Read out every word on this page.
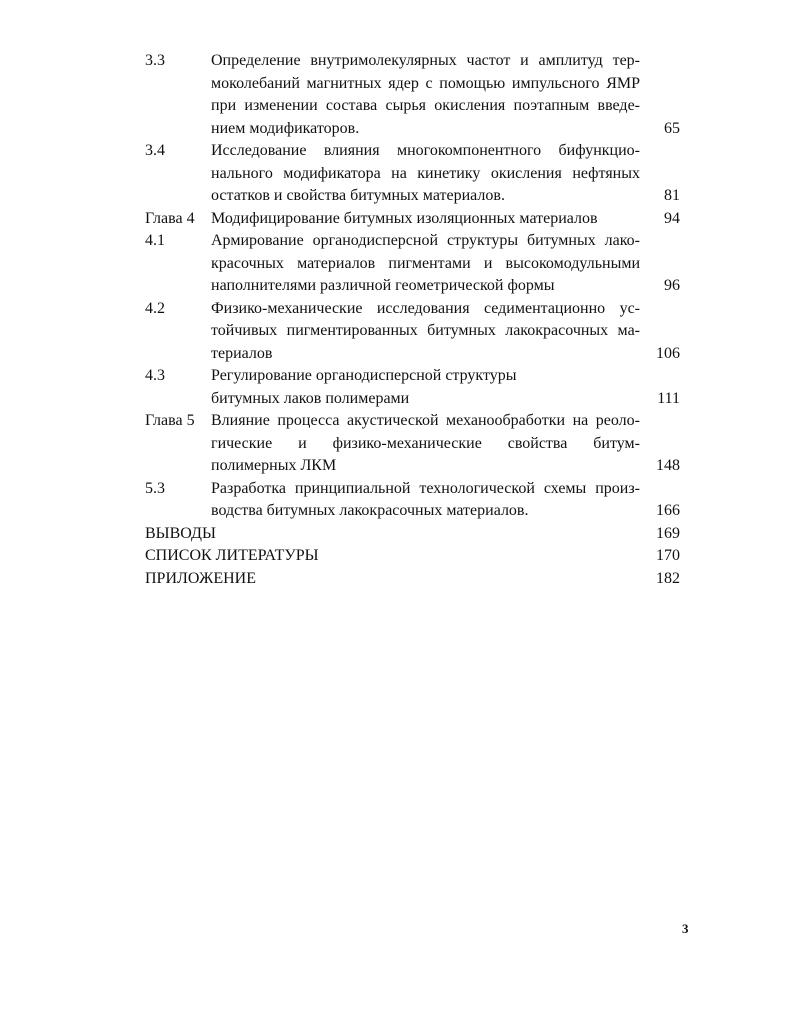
3.3	Определение внутримолекулярных частот и амплитуд тер-
моколебаний магнитных ядер с помощью импульсного ЯМР
при изменении состава сырья окисления поэтапным введе-
нием модификаторов.	65
3.4	Исследование влияния многокомпонентного бифункцио-
нального модификатора на кинетику окисления нефтяных
остатков и свойства битумных материалов.	81
Глава 4	Модифицирование битумных изоляционных материалов	94
4.1	Армирование органодисперсной структуры битумных лако-
красочных материалов пигментами и высокомодульными
наполнителями различной геометрической формы	96
4.2	Физико-механические исследования седиментационно ус-
тойчивых пигментированных битумных лакокрасочных ма-
териалов	106
4.3	Регулирование органодисперсной структуры
битумных лаков полимерами	111
Глава 5	Влияние процесса акустической механообработки на реоло-
гические и физико-механические свойства битум-
полимерных ЛКМ	148
5.3	Разработка принципиальной технологической схемы произ-
водства битумных лакокрасочных материалов.	166
ВЫВОДЫ	169
СПИСОК ЛИТЕРАТУРЫ	170
ПРИЛОЖЕНИЕ	182
3
